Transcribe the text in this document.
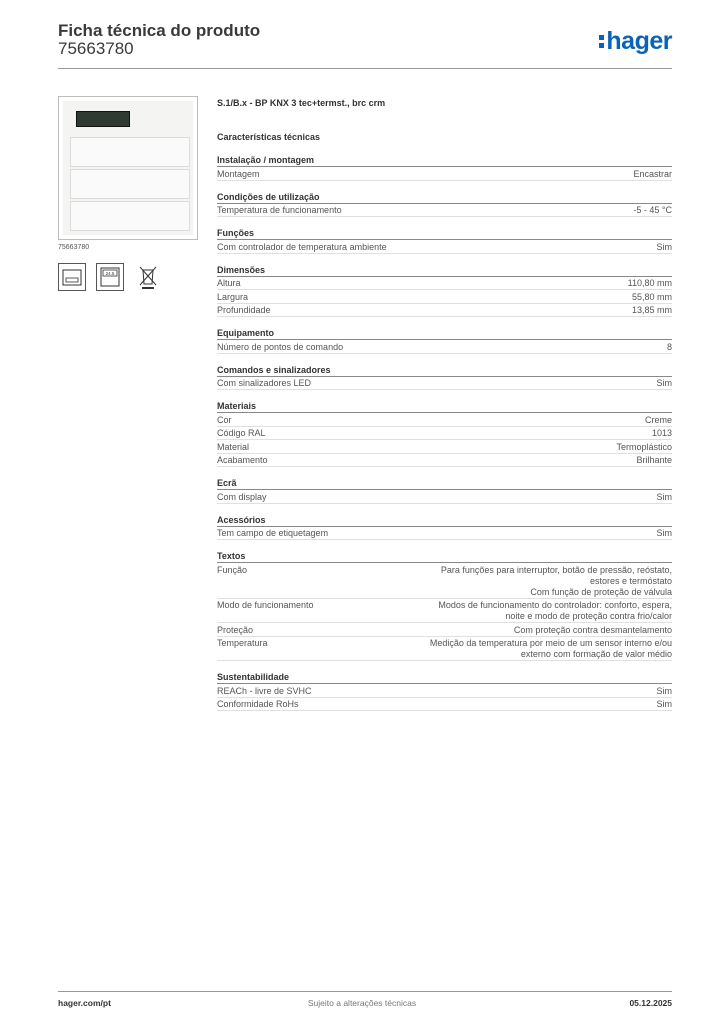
Ficha técnica do produto
75663780	hager
75663780
24.5
S.1/B.x - BP KNX 3 tec+termst., brc crm
Características técnicas
Instalação / montagem
Montagem	Encastrar
Condições de utilização
Temperatura de funcionamento	-5 - 45 °C
Funções
Com controlador de temperatura ambiente	Sim
Dimensões
Altura	110,80 mm
Largura	55,80 mm
Profundidade	13,85 mm
Equipamento
Número de pontos de comando	8
Comandos e sinalizadores
Com sinalizadores LED	Sim
Materiais
Cor	Creme
Código RAL	1013
Material	Termoplástico
Acabamento	Brilhante
Ecrã
Com display	Sim
Acessórios
Tem campo de etiquetagem	Sim
Textos
Função	Para funções para interruptor, botão de pressão, reóstato,
estores e termóstato
Com função de proteção de válvula
Modo de funcionamento	Modos de funcionamento do controlador: conforto, espera,
noite e modo de proteção contra frio/calor
Proteção	Com proteção contra desmantelamento
Temperatura	Medição da temperatura por meio de um sensor interno e/ou
externo com formação de valor médio
Sustentabilidade
REACh - livre de SVHC	Sim
Conformidade RoHs	Sim
hager.com/pt	Sujeito a alterações técnicas	05.12.2025
